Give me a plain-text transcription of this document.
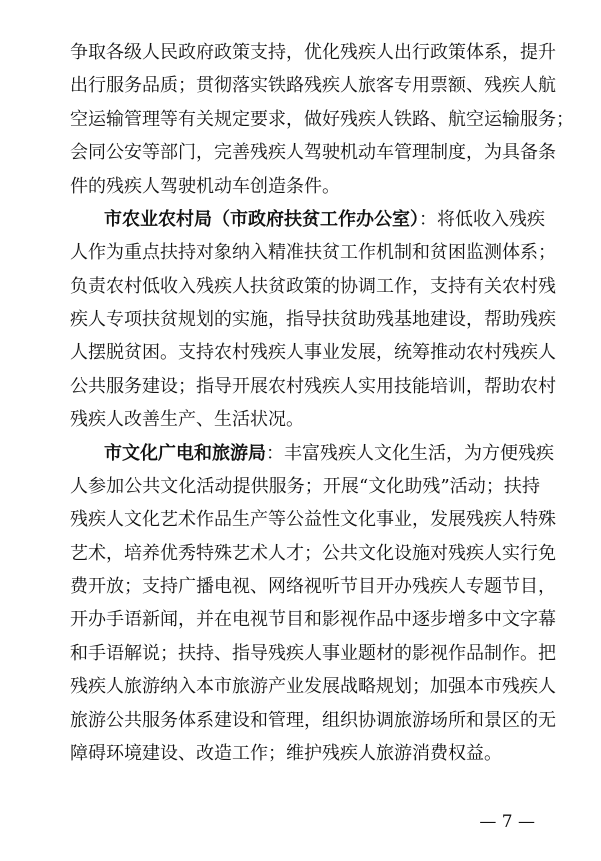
争取各级人民政府政策支持，优化残疾人出行政策体系，提升
出行服务品质；贯彻落实铁路残疾人旅客专用票额、残疾人航
空运输管理等有关规定要求，做好残疾人铁路、航空运输服务；
会同公安等部门，完善残疾人驾驶机动车管理制度，为具备条
件的残疾人驾驶机动车创造条件。
市农业农村局（市政府扶贫工作办公室）：将低收入残疾
人作为重点扶持对象纳入精准扶贫工作机制和贫困监测体系；
负责农村低收入残疾人扶贫政策的协调工作，支持有关农村残
疾人专项扶贫规划的实施，指导扶贫助残基地建设，帮助残疾
人摆脱贫困。支持农村残疾人事业发展，统筹推动农村残疾人
公共服务建设；指导开展农村残疾人实用技能培训，帮助农村
残疾人改善生产、生活状况。
市文化广电和旅游局：丰富残疾人文化生活，为方便残疾
人参加公共文化活动提供服务；开展“文化助残”活动；扶持
残疾人文化艺术作品生产等公益性文化事业，发展残疾人特殊
艺术，培养优秀特殊艺术人才；公共文化设施对残疾人实行免
费开放；支持广播电视、网络视听节目开办残疾人专题节目，
开办手语新闻，并在电视节目和影视作品中逐步增多中文字幕
和手语解说；扶持、指导残疾人事业题材的影视作品制作。把
残疾人旅游纳入本市旅游产业发展战略规划；加强本市残疾人
旅游公共服务体系建设和管理，组织协调旅游场所和景区的无
障碍环境建设、改造工作；维护残疾人旅游消费权益。
— 7 —
